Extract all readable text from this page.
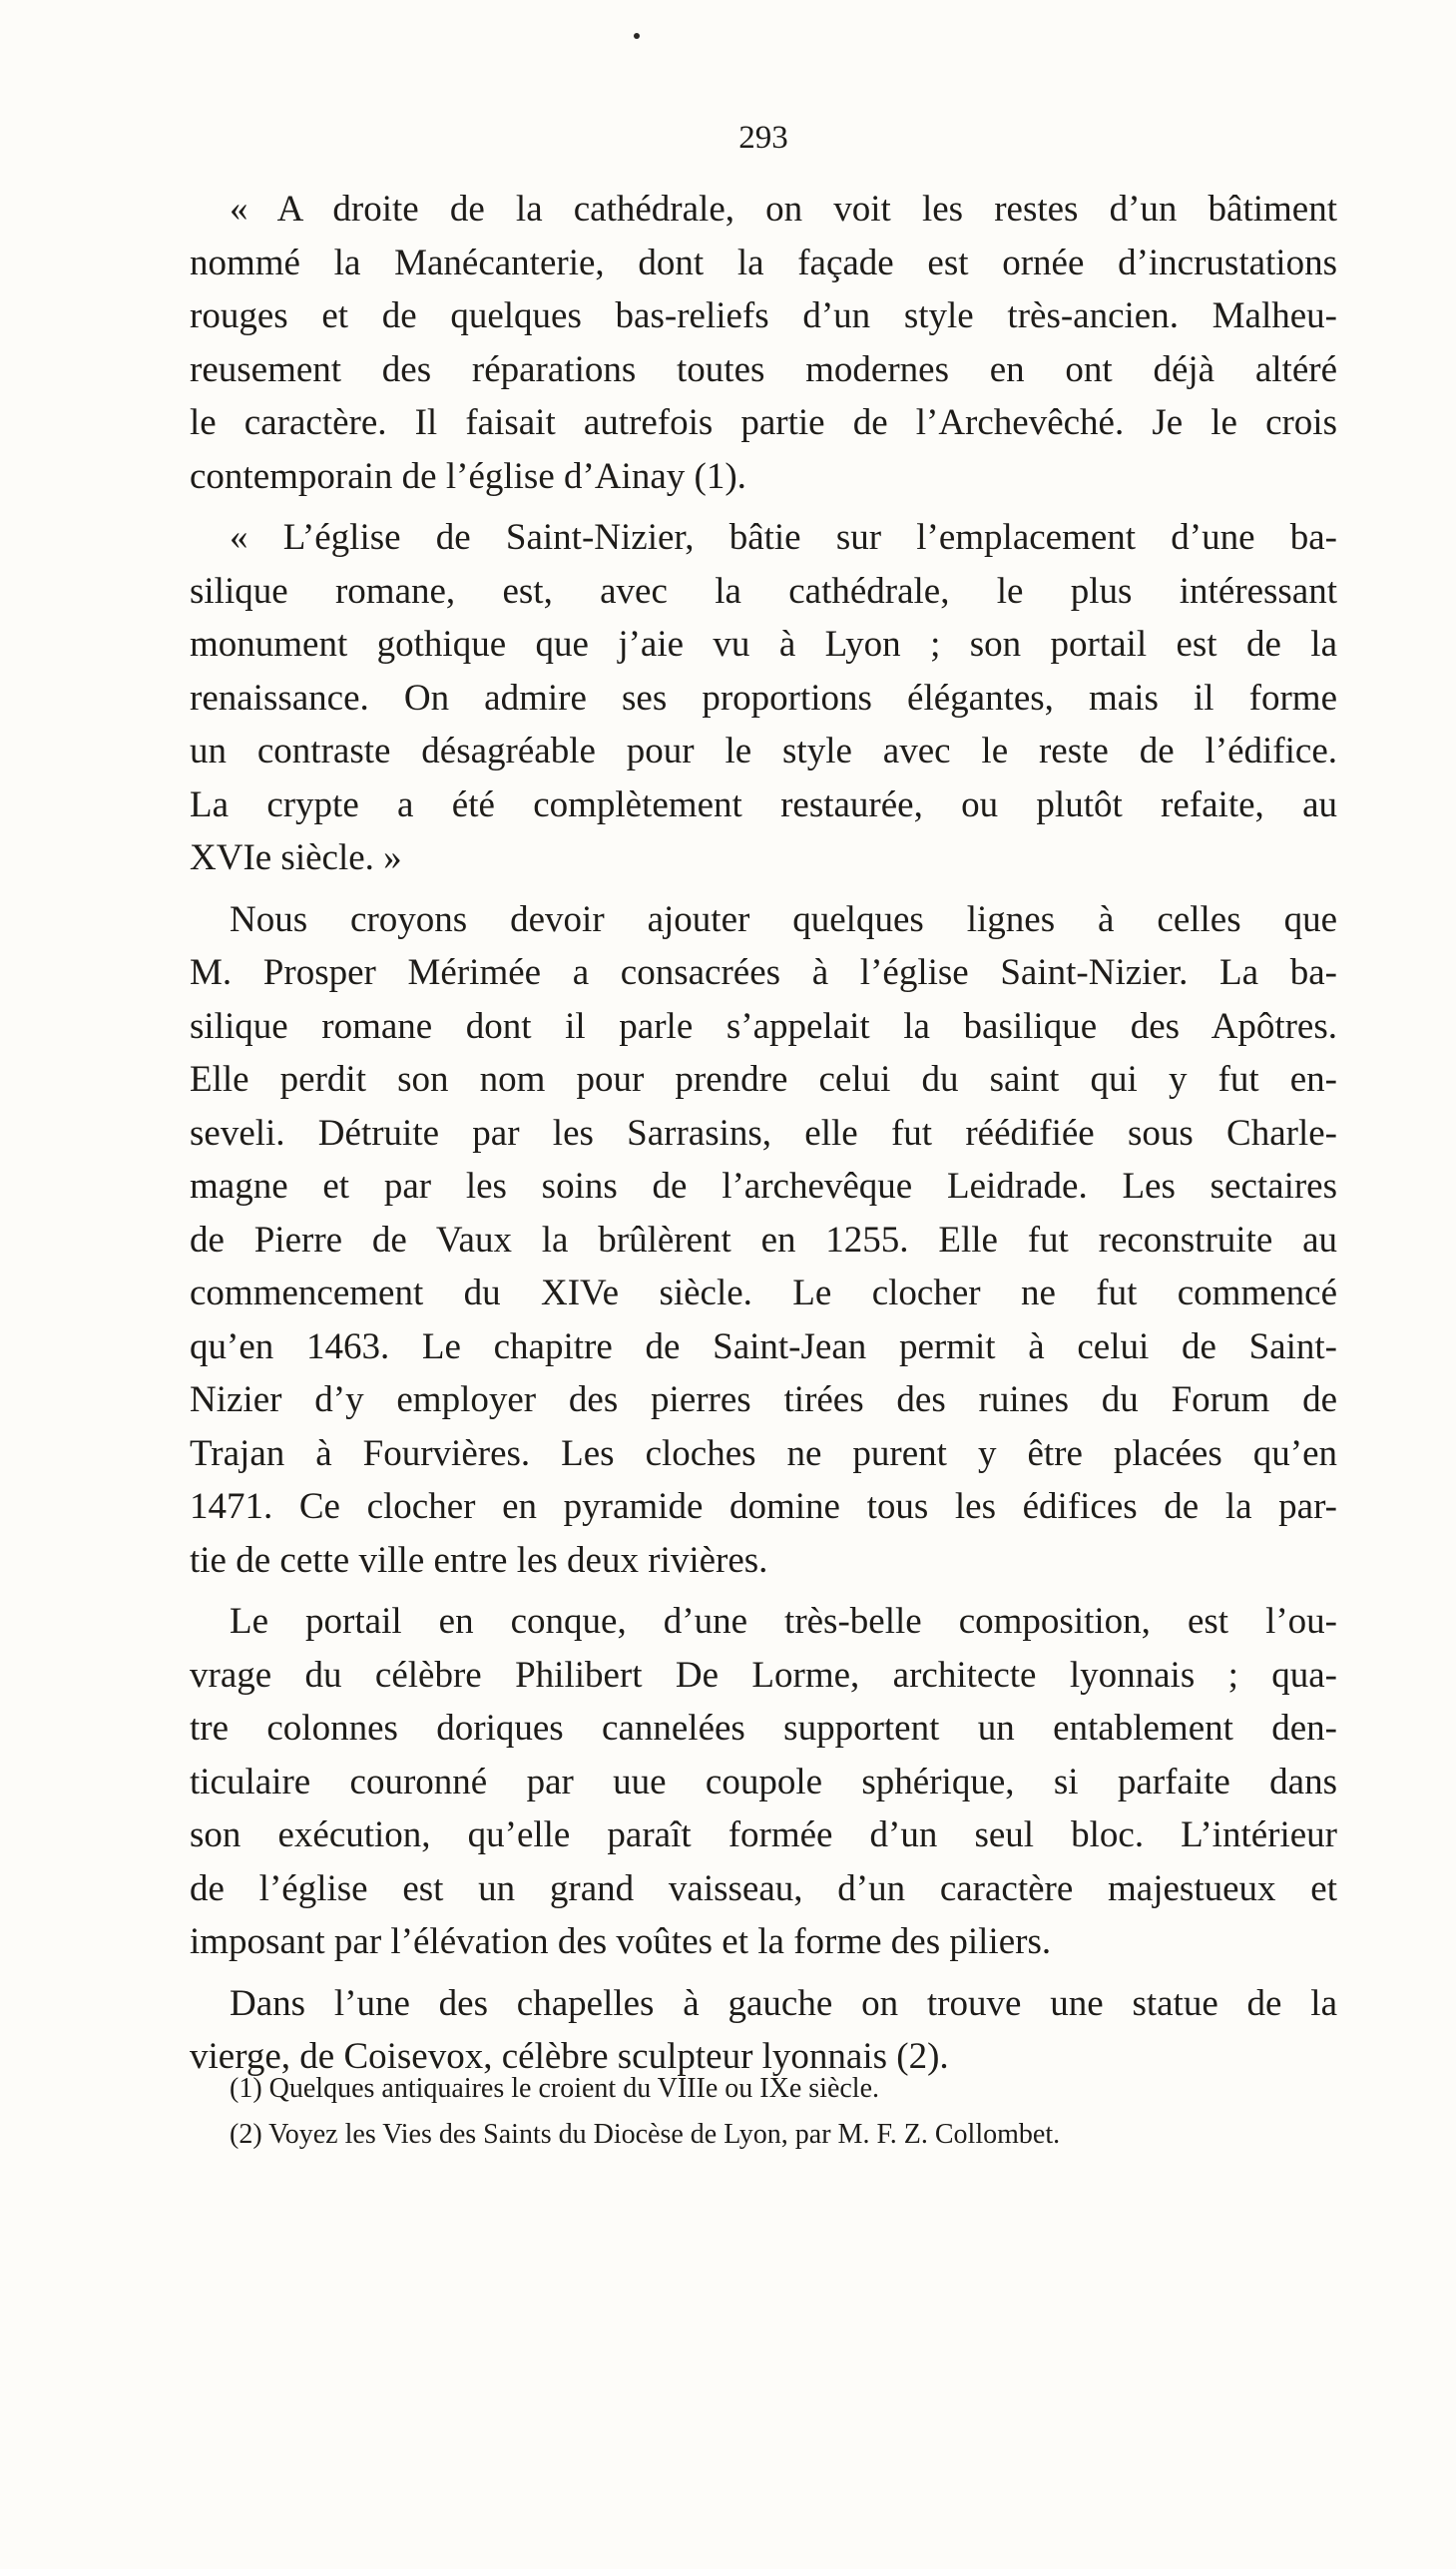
293
« A droite de la cathédrale, on voit les restes d’un bâtiment
nommé la Manécanterie, dont la façade est ornée d’incrustations
rouges et de quelques bas-reliefs d’un style très-ancien. Malheu-
reusement des réparations toutes modernes en ont déjà altéré
le caractère. Il faisait autrefois partie de l’Archevêché. Je le crois
contemporain de l’église d’Ainay (1).
« L’église de Saint-Nizier, bâtie sur l’emplacement d’une ba-
silique romane, est, avec la cathédrale, le plus intéressant
monument gothique que j’aie vu à Lyon ; son portail est de la
renaissance. On admire ses proportions élégantes, mais il forme
un contraste désagréable pour le style avec le reste de l’édifice.
La crypte a été complètement restaurée, ou plutôt refaite, au
XVIe siècle. »
Nous croyons devoir ajouter quelques lignes à celles que
M. Prosper Mérimée a consacrées à l’église Saint-Nizier. La ba-
silique romane dont il parle s’appelait la basilique des Apôtres.
Elle perdit son nom pour prendre celui du saint qui y fut en-
seveli. Détruite par les Sarrasins, elle fut réédifiée sous Charle-
magne et par les soins de l’archevêque Leidrade. Les sectaires
de Pierre de Vaux la brûlèrent en 1255. Elle fut reconstruite au
commencement du XIVe siècle. Le clocher ne fut commencé
qu’en 1463. Le chapitre de Saint-Jean permit à celui de Saint-
Nizier d’y employer des pierres tirées des ruines du Forum de
Trajan à Fourvières. Les cloches ne purent y être placées qu’en
1471. Ce clocher en pyramide domine tous les édifices de la par-
tie de cette ville entre les deux rivières.
Le portail en conque, d’une très-belle composition, est l’ou-
vrage du célèbre Philibert De Lorme, architecte lyonnais ; qua-
tre colonnes doriques cannelées supportent un entablement den-
ticulaire couronné par uue coupole sphérique, si parfaite dans
son exécution, qu’elle paraît formée d’un seul bloc. L’intérieur
de l’église est un grand vaisseau, d’un caractère majestueux et
imposant par l’élévation des voûtes et la forme des piliers.
Dans l’une des chapelles à gauche on trouve une statue de la
vierge, de Coisevox, célèbre sculpteur lyonnais (2).
(1) Quelques antiquaires le croient du VIIIe ou IXe siècle.
(2) Voyez les Vies des Saints du Diocèse de Lyon, par M. F. Z. Collombet.
